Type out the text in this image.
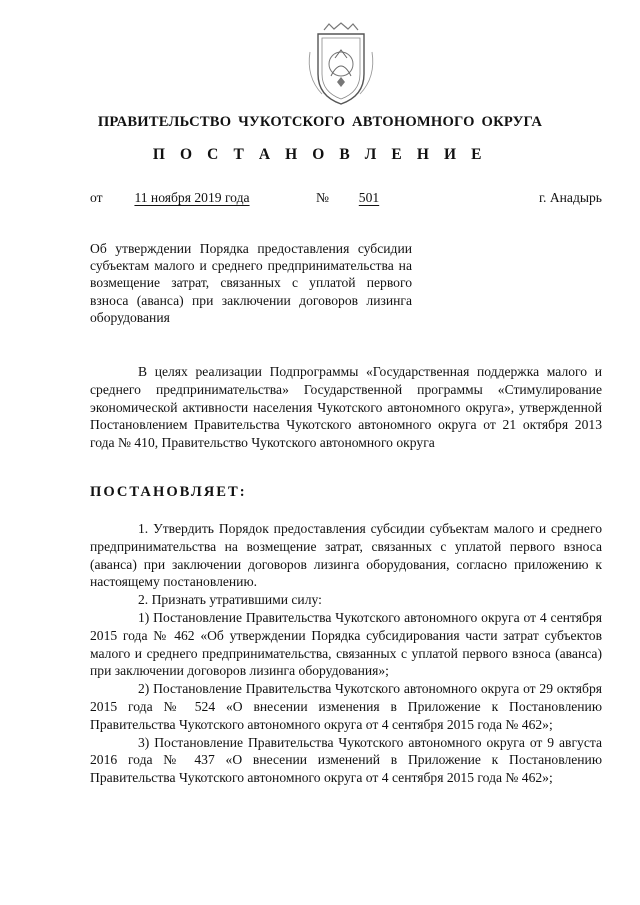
ПРАВИТЕЛЬСТВО ЧУКОТСКОГО АВТОНОМНОГО ОКРУГА
П О С Т А Н О В Л Е Н И Е
от	11 ноября 2019 года	№	501	г. Анадырь
Об утверждении Порядка предоставления субсидии субъектам малого и среднего предпринимательства на возмещение затрат, связанных с уплатой первого взноса (аванса) при заключении договоров лизинга оборудования

В целях реализации Подпрограммы «Государственная поддержка малого и среднего предпринимательства» Государственной программы «Стимулирование экономической активности населения Чукотского автономного округа», утвержденной Постановлением Правительства Чукотского автономного округа от 21 октября 2013 года № 410, Правительство Чукотского автономного округа

ПОСТАНОВЛЯЕТ:

1. Утвердить Порядок предоставления субсидии субъектам малого и среднего предпринимательства на возмещение затрат, связанных с уплатой первого взноса (аванса) при заключении договоров лизинга оборудования, согласно приложению к настоящему постановлению.

2. Признать утратившими силу:

1) Постановление Правительства Чукотского автономного округа от 4 сентября 2015 года № 462 «Об утверждении Порядка субсидирования части затрат субъектов малого и среднего предпринимательства, связанных с уплатой первого взноса (аванса) при заключении договоров лизинга оборудования»;

2) Постановление Правительства Чукотского автономного округа от 29 октября 2015 года № 524 «О внесении изменения в Приложение к Постановлению Правительства Чукотского автономного округа от 4 сентября 2015 года № 462»;

3) Постановление Правительства Чукотского автономного округа от 9 августа 2016 года № 437 «О внесении изменений в Приложение к Постановлению Правительства Чукотского автономного округа от 4 сентября 2015 года № 462»;
